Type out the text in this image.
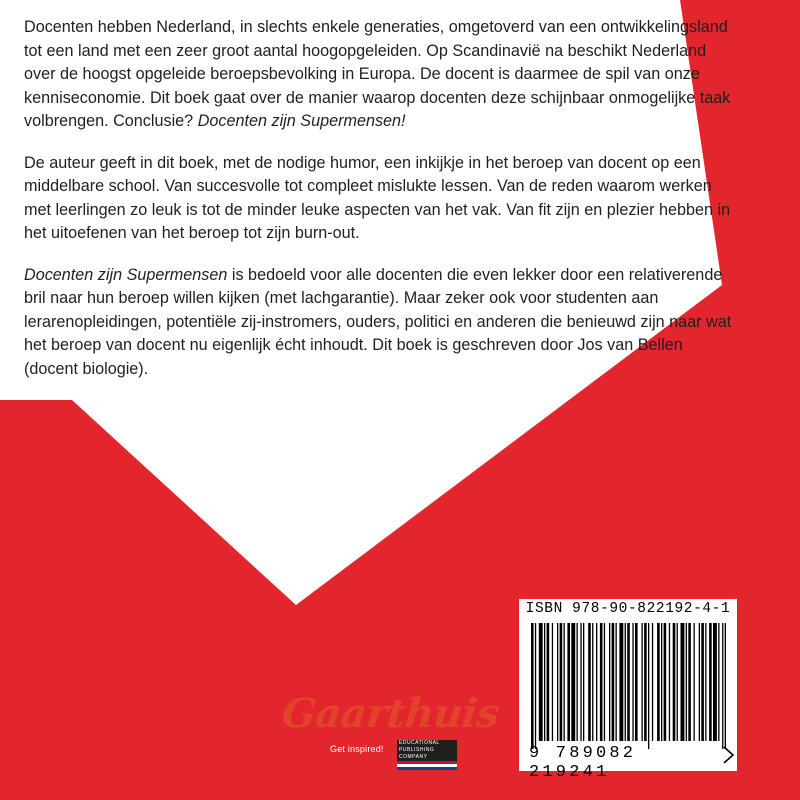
Docenten hebben Nederland, in slechts enkele generaties, omgetoverd van een ontwikkelingsland tot een land met een zeer groot aantal hoogopgeleiden. Op Scandinavië na beschikt Nederland over de hoogst opgeleide beroepsbevolking in Europa. De docent is daarmee de spil van onze kenniseconomie. Dit boek gaat over de manier waarop docenten deze schijnbaar onmogelijke taak volbrengen. Conclusie? Docenten zijn Supermensen!

De auteur geeft in dit boek, met de nodige humor, een inkijkje in het beroep van docent op een middelbare school. Van succesvolle tot compleet mislukte lessen. Van de reden waarom werken met leerlingen zo leuk is tot de minder leuke aspecten van het vak. Van fit zijn en plezier hebben in het uitoefenen van het beroep tot zijn burn-out.

Docenten zijn Supermensen is bedoeld voor alle docenten die even lekker door een relativerende bril naar hun beroep willen kijken (met lachgarantie). Maar zeker ook voor studenten aan lerarenopleidingen, potentiële zij-instromers, ouders, politici en anderen die benieuwd zijn naar wat het beroep van docent nu eigenlijk écht inhoudt. Dit boek is geschreven door Jos van Bellen (docent biologie).

ISBN 978-90-822192-4-1
9 789082 219241
Gaarthuis
Get inspired!
EDUCATIONAL
PUBLISHING
COMPANY
